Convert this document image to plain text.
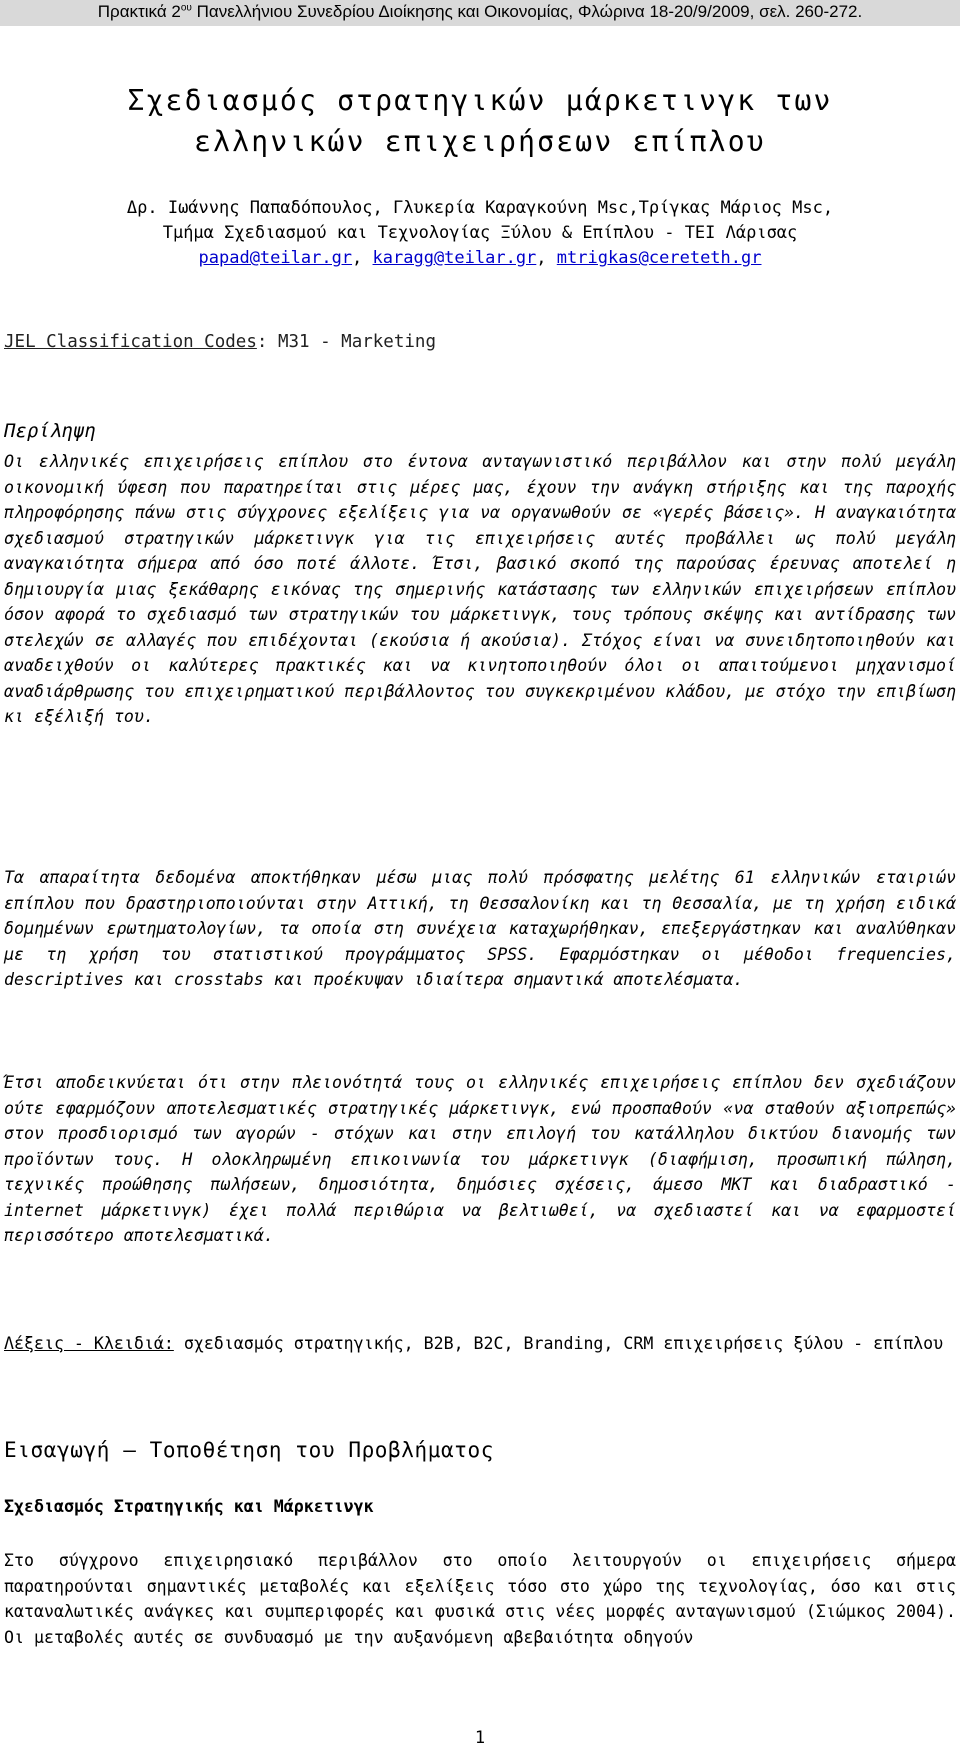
Πρακτικά $2^{o\upsilon}$ Πανελλήνιου Συνεδρίου Διοίκησης και Οικονομίας, Φλώρινα 18-20/9/2009, σελ. 260-272.
Σχεδιασμός στρατηγικών μάρκετινγκ των
ελληνικών επιχειρήσεων επίπλου
Δρ. Ιωάννης Παπαδόπουλος, Γλυκερία Καραγκούνη Msc,Τρίγκας Μάριος Msc,
Τμήμα Σχεδιασμού και Τεχνολογίας Ξύλου & Επίπλου - ΤΕΙ Λάρισας
papad@teilar.gr, karagg@teilar.gr, mtrigkas@cereteth.gr
JEL Classification Codes: M31 - Marketing
Περίληψη
Οι ελληνικές επιχειρήσεις επίπλου στο έντονα ανταγωνιστικό περιβάλλον και στην πολύ μεγάλη οικονομική ύφεση που παρατηρείται στις μέρες μας, έχουν την ανάγκη στήριξης και της παροχής πληροφόρησης πάνω στις σύγχρονες εξελίξεις για να οργανωθούν σε «γερές βάσεις». Η αναγκαιότητα σχεδιασμού στρατηγικών μάρκετινγκ για τις επιχειρήσεις αυτές προβάλλει ως πολύ μεγάλη αναγκαιότητα σήμερα από όσο ποτέ άλλοτε. Έτσι, βασικό σκοπό της παρούσας έρευνας αποτελεί η δημιουργία μιας ξεκάθαρης εικόνας της σημερινής κατάστασης των ελληνικών επιχειρήσεων επίπλου όσον αφορά το σχεδιασμό των στρατηγικών του μάρκετινγκ, τους τρόπους σκέψης και αντίδρασης των στελεχών σε αλλαγές που επιδέχονται (εκούσια ή ακούσια). Στόχος είναι να συνειδητοποιηθούν και αναδειχθούν οι καλύτερες πρακτικές και να κινητοποιηθούν όλοι οι απαιτούμενοι μηχανισμοί αναδιάρθρωσης του επιχειρηματικού περιβάλλοντος του συγκεκριμένου κλάδου, με στόχο την επιβίωση κι εξέλιξή του.
Τα απαραίτητα δεδομένα αποκτήθηκαν μέσω μιας πολύ πρόσφατης μελέτης 61 ελληνικών εταιριών επίπλου που δραστηριοποιούνται στην Αττική, τη Θεσσαλονίκη και τη Θεσσαλία, με τη χρήση ειδικά δομημένων ερωτηματολογίων, τα οποία στη συνέχεια καταχωρήθηκαν, επεξεργάστηκαν και αναλύθηκαν με τη χρήση του στατιστικού προγράμματος SPSS. Εφαρμόστηκαν οι μέθοδοι frequencies, descriptives και crosstabs και προέκυψαν ιδιαίτερα σημαντικά αποτελέσματα.
Έτσι αποδεικνύεται ότι στην πλειονότητά τους οι ελληνικές επιχειρήσεις επίπλου δεν σχεδιάζουν ούτε εφαρμόζουν αποτελεσματικές στρατηγικές μάρκετινγκ, ενώ προσπαθούν «να σταθούν αξιοπρεπώς» στον προσδιορισμό των αγορών - στόχων και στην επιλογή του κατάλληλου δικτύου διανομής των προϊόντων τους. Η ολοκληρωμένη επικοινωνία του μάρκετινγκ (διαφήμιση, προσωπική πώληση, τεχνικές προώθησης πωλήσεων, δημοσιότητα, δημόσιες σχέσεις, άμεσο ΜΚΤ και διαδραστικό - internet μάρκετινγκ) έχει πολλά περιθώρια να βελτιωθεί, να σχεδιαστεί και να εφαρμοστεί περισσότερο αποτελεσματικά.
Λέξεις - Κλειδιά: σχεδιασμός στρατηγικής, B2B, B2C, Branding, CRM επιχειρήσεις ξύλου - επίπλου
Εισαγωγή – Τοποθέτηση του Προβλήματος
Σχεδιασμός Στρατηγικής και Μάρκετινγκ
Στο σύγχρονο επιχειρησιακό περιβάλλον στο οποίο λειτουργούν οι επιχειρήσεις σήμερα παρατηρούνται σημαντικές μεταβολές και εξελίξεις τόσο στο χώρο της τεχνολογίας, όσο και στις καταναλωτικές ανάγκες και συμπεριφορές και φυσικά στις νέες μορφές ανταγωνισμού (Σιώμκος 2004). Οι μεταβολές αυτές σε συνδυασμό με την αυξανόμενη αβεβαιότητα οδηγούν
1
